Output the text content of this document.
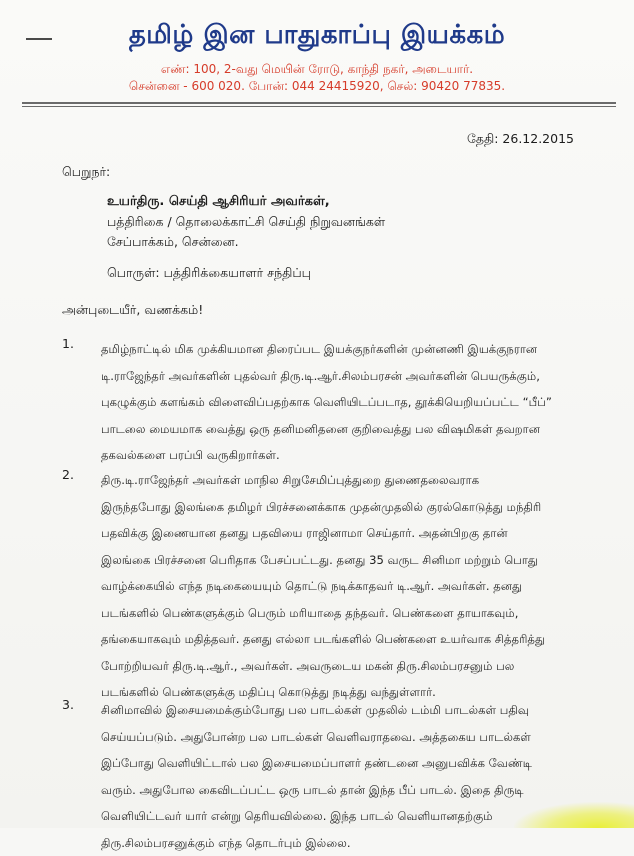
தமிழ் இன பாதுகாப்பு இயக்கம்
எண்: 100, 2-வது மெயின் ரோடு, காந்தி நகர், அடையார்.
சென்னை - 600 020. போன்: 044 24415920, செல்: 90420 77835.
தேதி: 26.12.2015
பெறுநர்:
உயர்திரு. செய்தி ஆசிரியர் அவர்கள்,
பத்திரிகை / தொலைக்காட்சி செய்தி நிறுவனங்கள்
சேப்பாக்கம், சென்னை.
பொருள்: பத்திரிக்கையாளர் சந்திப்பு
அன்புடையீர், வணக்கம்!
1. தமிழ்நாட்டில் மிக முக்கியமான திரைப்பட இயக்குநர்களின் முன்னணி இயக்குநரான
டி.ராஜேந்தர் அவர்களின் புதல்வர் திரு.டி.ஆர்.சிலம்பரசன் அவர்களின் பெயருக்கும்,
புகழுக்கும் களங்கம் விளைவிப்பதற்காக வெளியிடப்படாத, தூக்கியெறியப்பட்ட “பீப்”
பாடலை மையமாக வைத்து ஒரு தனிமனிதனை குறிவைத்து பல விஷமிகள் தவறான
தகவல்களை பரப்பி வருகிறார்கள்.
2. திரு.டி.ராஜேந்தர் அவர்கள் மாநில சிறுசேமிப்புத்துறை துணைதலைவராக
இருந்தபோது இலங்கை தமிழர் பிரச்சனைக்காக முதன்முதலில் குரல்கொடுத்து மந்திரி
பதவிக்கு இணையான தனது பதவியை ராஜினாமா செய்தார். அதன்பிறகு தான்
இலங்கை பிரச்சனை பெரிதாக பேசப்பட்டது. தனது 35 வருட சினிமா மற்றும் பொது
வாழ்க்கையில் எந்த நடிகையையும் தொட்டு நடிக்காதவர் டி.ஆர். அவர்கள். தனது
படங்களில் பெண்களுக்கும் பெரும் மரியாதை தந்தவர். பெண்களை தாயாகவும்,
தங்கையாகவும் மதித்தவர். தனது எல்லா படங்களில் பெண்களை உயர்வாக சித்தரித்து
போற்றியவர் திரு.டி.ஆர்., அவர்கள். அவருடைய மகன் திரு.சிலம்பரசனும் பல
படங்களில் பெண்களுக்கு மதிப்பு கொடுத்து நடித்து வந்துள்ளார்.
3. சினிமாவில் இசையமைக்கும்போது பல பாடல்கள் முதலில் டம்மி பாடல்கள் பதிவு
செய்யப்படும். அதுபோன்ற பல பாடல்கள் வெளிவராதவை. அத்தகைய பாடல்கள்
இப்போது வெளியிட்டால் பல இசையமைப்பாளர் தண்டனை அனுபவிக்க வேண்டி
வரும். அதுபோல கைவிடப்பட்ட ஒரு பாடல் தான் இந்த பீப் பாடல். இதை திருடி
வெளியிட்டவர் யார் என்று தெரியவில்லை. இந்த பாடல் வெளியானதற்கும்
திரு.சிலம்பரசனுக்கும் எந்த தொடர்பும் இல்லை.
